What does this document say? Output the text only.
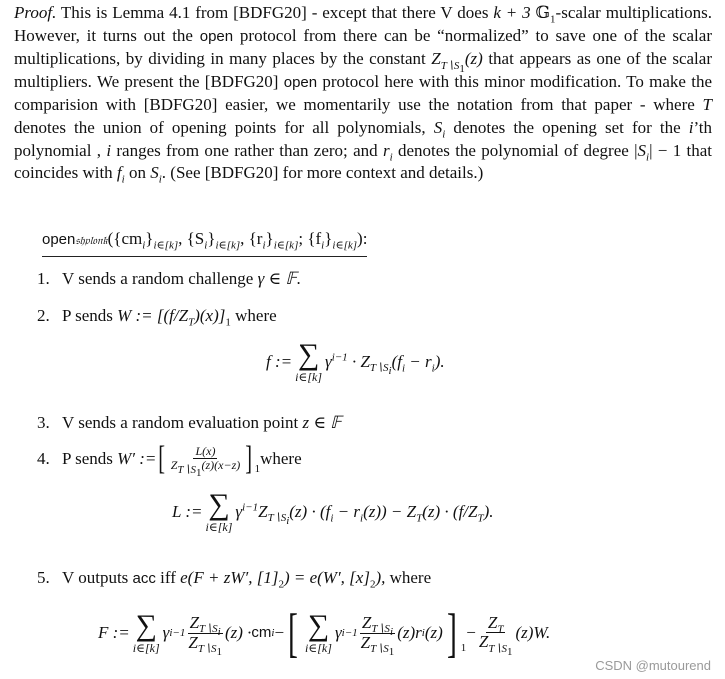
Proof. This is Lemma 4.1 from [BDFG20] - except that there V does k + 3 𝔾$_1$-scalar multiplications. However, it turns out the open protocol from there can be “normalized” to save one of the scalar multiplications, by dividing in many places by the constant $Z_{T∖S_1}(z)$ that appears as one of the scalar multipliers. We present the [BDFG20] open protocol here with this minor modification. To make the comparision with [BDFG20] easier, we momentarily use the notation from that paper - where T denotes the union of opening points for all polynomials, $S_i$ denotes the opening set for the i’th polynomial , i ranges from one rather than zero; and $r_i$ denotes the polynomial of degree $|S_i| - 1$ that coincides with $f_i$ on $S_i$. (See [BDFG20] for more context and details.)
$open𝔰𝔥𝔭𝔩𝔬𝔫𝔨(\{cm_i\}_{i\in[k]}$, $\{S_i\}_{i\in[k]}$, $\{r_i\}_{i\in[k]}$; $\{f_i\}_{i\in[k]}$):
1. V sends a random challenge γ ∈ 𝔽.
2. P sends W := $[(f/Z_T)(x)]_1$ where
f := ∑
i∈[k]
$\gamma^{i-1} \cdot Z_{T∖S_i}(f_i - r_i)$.
3. V sends a random evaluation point z ∈ 𝔽
4. P sends
W′ := [ $\frac{L(x)}{Z_{T∖S_1}(z)(x-z)}$ ] 1
where
L := ∑
i∈[k]
$\gamma^{i-1}Z_{T∖S_i}(z) \cdot (f_i - r_i(z)) - Z_T(z) \cdot (f/Z_T)$.
5. V outputs acc iff e(F + zW′, $[1]_2) = e(W'$, $[x]_2$), where
F := ∑
i∈[k]
γ $i-1 \frac{Z_{T∖S_i}}{Z_{T∖S_1}} (z)$ · cm i − [ ∑
i∈[k]
γ $i-1 \frac{Z_{T∖S_i}}{Z_{T∖S_1}} (z)r$ i (z) ] 1
− $\frac{Z_T}{Z_{T∖S_1}} (z)W$.
CSDN @mutourend
